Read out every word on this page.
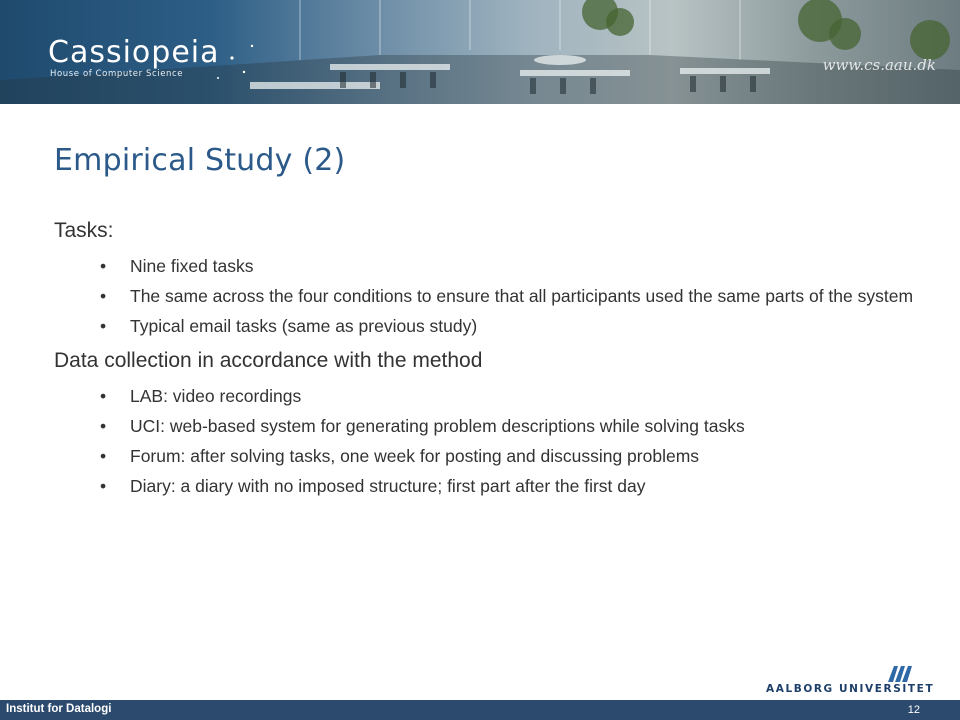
Cassiopeia
House of Computer Science	www.cs.aau.dk
Empirical Study (2)

Tasks:

• Nine fixed tasks
• The same across the four conditions to ensure that all participants used the same parts of the system
• Typical email tasks (same as previous study)

Data collection in accordance with the method

• LAB: video recordings
• UCI: web-based system for generating problem descriptions while solving tasks
• Forum: after solving tasks, one week for posting and discussing problems
• Diary: a diary with no imposed structure; first part after the first day
AALBORG UNIVERSITET
Institut for Datalogi	12
